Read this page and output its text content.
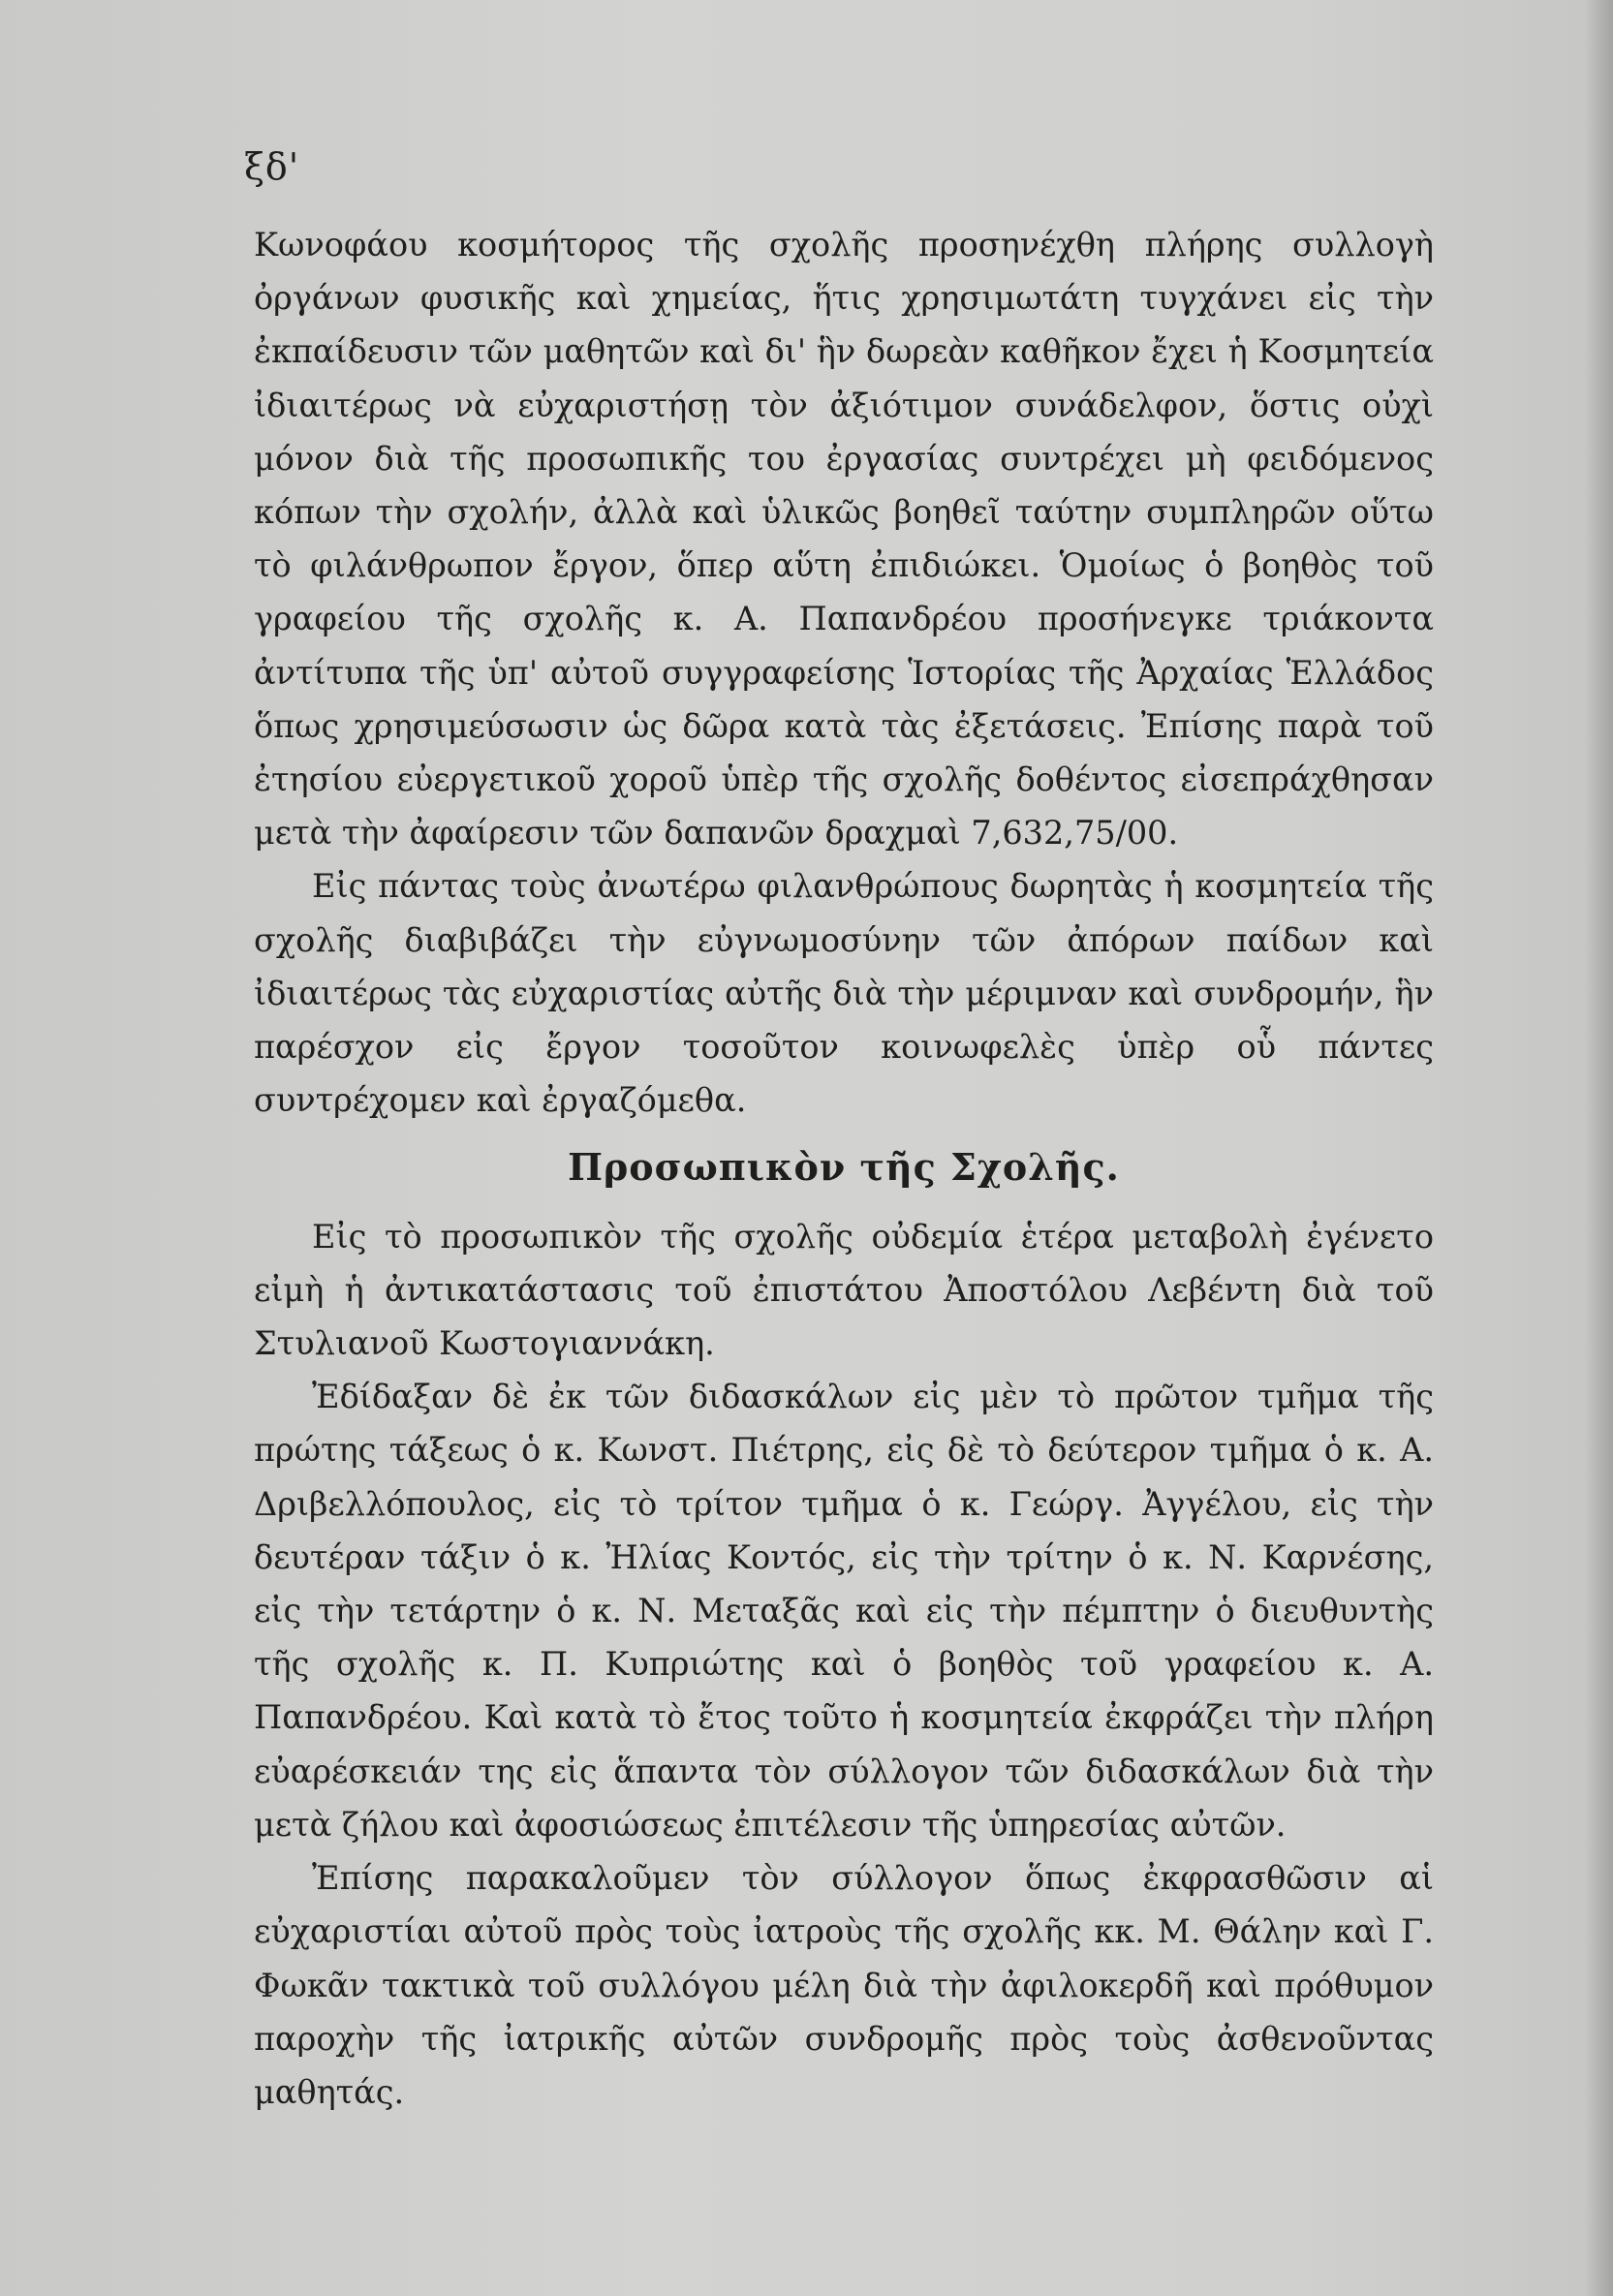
ξδ'

Κωνοφάου κοσμήτορος τῆς σχολῆς προσηνέχθη πλήρης συλλογὴ ὀργάνων φυσικῆς καὶ χημείας, ἥτις χρησιμωτάτη τυγχάνει εἰς τὴν ἐκπαίδευσιν τῶν μαθητῶν καὶ δι' ἣν δωρεὰν καθῆκον ἔχει ἡ Κοσμητεία ἰδιαιτέρως νὰ εὐχαριστήσῃ τὸν ἀξιότιμον συνάδελφον, ὅστις οὐχὶ μόνον διὰ τῆς προσωπικῆς του ἐργασίας συντρέχει μὴ φειδόμενος κόπων τὴν σχολήν, ἀλλὰ καὶ ὑλικῶς βοηθεῖ ταύτην συμπληρῶν οὕτω τὸ φιλάνθρωπον ἔργον, ὅπερ αὕτη ἐπιδιώκει. Ὁμοίως ὁ βοηθὸς τοῦ γραφείου τῆς σχολῆς κ. Α. Παπανδρέου προσήνεγκε τριάκοντα ἀντίτυπα τῆς ὑπ' αὐτοῦ συγγραφείσης Ἱστορίας τῆς Ἀρχαίας Ἑλλάδος ὅπως χρησιμεύσωσιν ὡς δῶρα κατὰ τὰς ἐξετάσεις. Ἐπίσης παρὰ τοῦ ἐτησίου εὐεργετικοῦ χοροῦ ὑπὲρ τῆς σχολῆς δοθέντος εἰσεπράχθησαν μετὰ τὴν ἀφαίρεσιν τῶν δαπανῶν δραχμαὶ 7,632,75/00.

Εἰς πάντας τοὺς ἀνωτέρω φιλανθρώπους δωρητὰς ἡ κοσμητεία τῆς σχολῆς διαβιβάζει τὴν εὐγνωμοσύνην τῶν ἀπόρων παίδων καὶ ἰδιαιτέρως τὰς εὐχαριστίας αὐτῆς διὰ τὴν μέριμναν καὶ συνδρομήν, ἣν παρέσχον εἰς ἔργον τοσοῦτον κοινωφελὲς ὑπὲρ οὗ πάντες συντρέχομεν καὶ ἐργαζόμεθα.

Προσωπικὸν τῆς Σχολῆς.

Εἰς τὸ προσωπικὸν τῆς σχολῆς οὐδεμία ἑτέρα μεταβολὴ ἐγένετο εἰμὴ ἡ ἀντικατάστασις τοῦ ἐπιστάτου Ἀποστόλου Λεβέντη διὰ τοῦ Στυλιανοῦ Κωστογιαννάκη.

Ἐδίδαξαν δὲ ἐκ τῶν διδασκάλων εἰς μὲν τὸ πρῶτον τμῆμα τῆς πρώτης τάξεως ὁ κ. Κωνστ. Πιέτρης, εἰς δὲ τὸ δεύτερον τμῆμα ὁ κ. Α. Δριβελλόπουλος, εἰς τὸ τρίτον τμῆμα ὁ κ. Γεώργ. Ἀγγέλου, εἰς τὴν δευτέραν τάξιν ὁ κ. Ἠλίας Κοντός, εἰς τὴν τρίτην ὁ κ. Ν. Καρνέσης, εἰς τὴν τετάρτην ὁ κ. Ν. Μεταξᾶς καὶ εἰς τὴν πέμπτην ὁ διευθυντὴς τῆς σχολῆς κ. Π. Κυπριώτης καὶ ὁ βοηθὸς τοῦ γραφείου κ. Α. Παπανδρέου. Καὶ κατὰ τὸ ἔτος τοῦτο ἡ κοσμητεία ἐκφράζει τὴν πλήρη εὐαρέσκειάν της εἰς ἅπαντα τὸν σύλλογον τῶν διδασκάλων διὰ τὴν μετὰ ζήλου καὶ ἀφοσιώσεως ἐπιτέλεσιν τῆς ὑπηρεσίας αὐτῶν.

Ἐπίσης παρακαλοῦμεν τὸν σύλλογον ὅπως ἐκφρασθῶσιν αἱ εὐχαριστίαι αὐτοῦ πρὸς τοὺς ἰατροὺς τῆς σχολῆς κκ. Μ. Θάλην καὶ Γ. Φωκᾶν τακτικὰ τοῦ συλλόγου μέλη διὰ τὴν ἀφιλοκερδῆ καὶ πρόθυμον παροχὴν τῆς ἰατρικῆς αὐτῶν συνδρομῆς πρὸς τοὺς ἀσθενοῦντας μαθητάς.
